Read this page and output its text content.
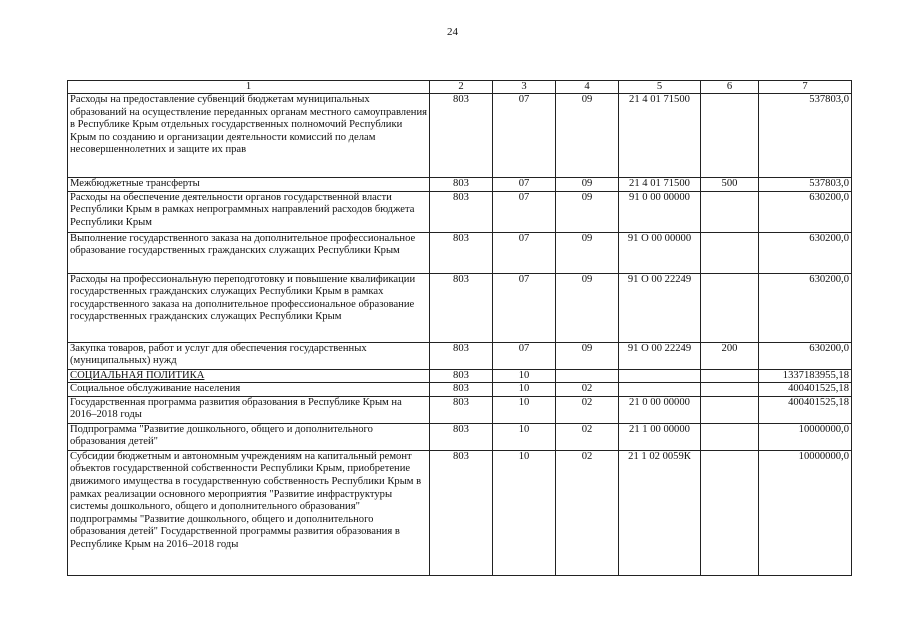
24
1	2	3	4	5	6	7
Расходы на предоставление субвенций бюджетам муниципальных образований на осуществление переданных органам местного самоуправления в Республике Крым отдельных государственных полномочий Республики Крым по созданию и организации деятельности комиссий по делам несовершеннолетних и защите их прав	803	07	09	21 4 01 71500		537803,0
Межбюджетные трансферты	803	07	09	21 4 01 71500	500	537803,0
Расходы на обеспечение деятельности органов государственной власти Республики Крым в рамках непрограммных направлений расходов бюджета Республики Крым	803	07	09	91 0 00 00000		630200,0
Выполнение государственного заказа на дополнительное профессиональное образование государственных гражданских служащих Республики Крым	803	07	09	91 О 00 00000		630200,0
Расходы на профессиональную переподготовку и повышение квалификации государственных гражданских служащих Республики Крым в рамках государственного заказа на дополнительное профессиональное образование государственных гражданских служащих Республики Крым	803	07	09	91 О 00 22249		630200,0
Закупка товаров, работ и услуг для обеспечения государственных (муниципальных) нужд	803	07	09	91 О 00 22249	200	630200,0
СОЦИАЛЬНАЯ ПОЛИТИКА	803	10				1337183955,18
Социальное обслуживание населения	803	10	02			400401525,18
Государственная программа развития образования в Республике Крым на 2016–2018 годы	803	10	02	21 0 00 00000		400401525,18
Подпрограмма "Развитие дошкольного, общего и дополнительного образования детей"	803	10	02	21 1 00 00000		10000000,0
Субсидии бюджетным и автономным учреждениям на капитальный ремонт объектов государственной собственности Республики Крым, приобретение движимого имущества в государственную собственность Республики Крым в рамках реализации основного мероприятия "Развитие инфраструктуры системы дошкольного, общего и дополнительного образования" подпрограммы "Развитие дошкольного, общего и дополнительного образования детей" Государственной программы развития образования в Республике Крым на 2016–2018 годы	803	10	02	21 1 02 0059К		10000000,0
